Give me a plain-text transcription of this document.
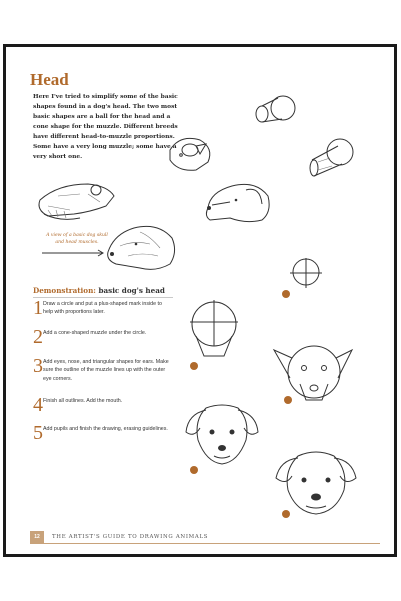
Head
Here I've tried to simplify some of the basic shapes found in a dog's head. The two most basic shapes are a ball for the head and a cone shape for the muzzle. Different breeds have different head-to-muzzle proportions. Some have a very long muzzle; some have a very short one.
A view of a basic dog skull and head muscles.
Demonstration: basic dog's head
1 Draw a circle and put a plus-shaped mark inside to help with proportions later.
2 Add a cone-shaped muzzle under the circle.
3 Add eyes, nose, and triangular shapes for ears. Make sure the outline of the muzzle lines up with the outer eye corners.
4 Finish all outlines. Add the mouth.
5 Add pupils and finish the drawing, erasing guidelines.
12	THE ARTIST'S GUIDE TO DRAWING ANIMALS
